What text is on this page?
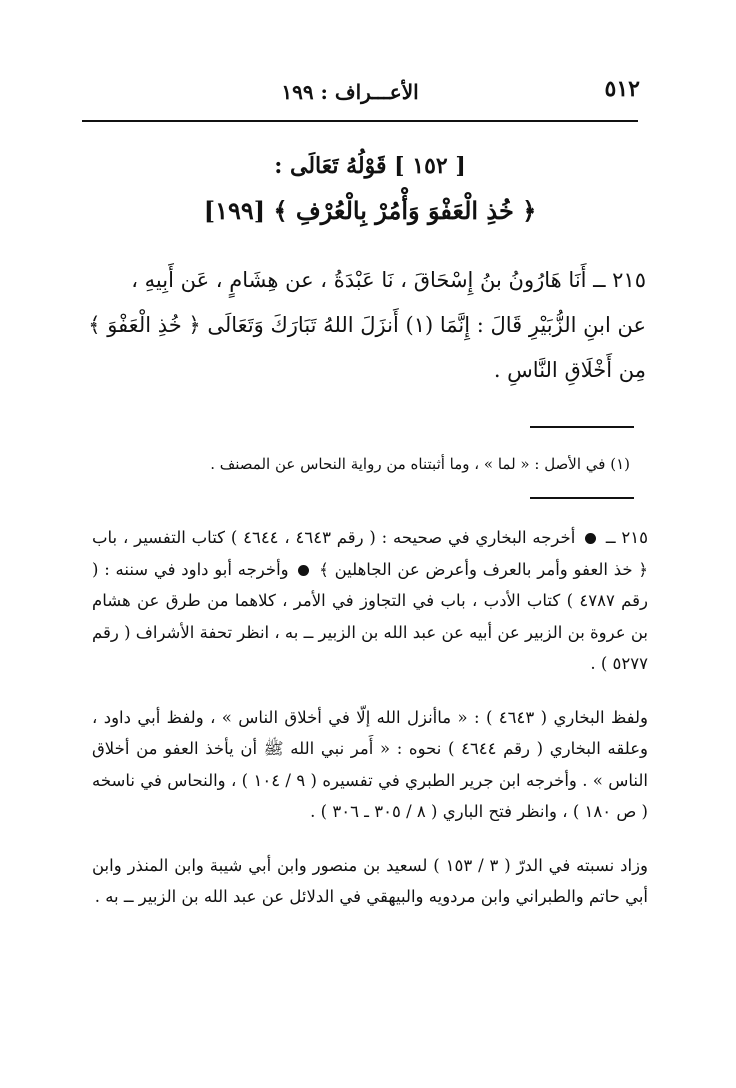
الأعـــراف : ١٩٩	٥١٢
[ ١٥٢ ] قَوْلُهُ تَعَالَى :
﴿ خُذِ الْعَفْوَ وَأْمُرْ بِالْعُرْفِ ﴾ [١٩٩]

٢١٥ ــ أَنَا هَارُونُ بنُ إِسْحَاقَ ، نَا عَبْدَةُ ، عن هِشَامٍ ، عَن أَبِيهِ ،

عن ابنِ الزُّبَيْرِ قَالَ : إِنَّمَا (١) أَنزَلَ اللهُ تَبَارَكَ وَتَعَالَى ﴿ خُذِ الْعَفْوَ ﴾

مِن أَخْلَاقِ النَّاسِ .

(١) في الأصل : « لما » ، وما أثبتناه من رواية النحاس عن المصنف .

٢١٥ ــ  أخرجه البخاري في صحيحه : ( رقم ٤٦٤٣ ، ٤٦٤٤ ) كتاب التفسير ، باب ﴿ خذ العفو وأمر بالعرف وأعرض عن الجاهلين ﴾  وأخرجه أبو داود في سننه : ( رقم ٤٧٨٧ ) كتاب الأدب ، باب في التجاوز في الأمر ، كلاهما من طرق عن هشام بن عروة بن الزبير عن أبيه عن عبد الله بن الزبير ــ به ، انظر تحفة الأشراف ( رقم ٥٢٧٧ ) .

ولفظ البخاري ( ٤٦٤٣ ) : « ماأنزل الله إلّا في أخلاق الناس » ، ولفظ أبي داود ، وعلقه البخاري ( رقم ٤٦٤٤ ) نحوه : « أَمر نبي الله ﷺ أن يأخذ العفو من أخلاق الناس » . وأخرجه ابن جرير الطبري في تفسيره ( ٩ / ١٠٤ ) ، والنحاس في ناسخه ( ص ١٨٠ ) ، وانظر فتح الباري ( ٨ / ٣٠٥ ـ ٣٠٦ ) .

وزاد نسبته في الدرّ ( ٣ / ١٥٣ ) لسعيد بن منصور وابن أبي شيبة وابن المنذر وابن أبي حاتم والطبراني وابن مردويه والبيهقي في الدلائل عن عبد الله بن الزبير ــ به .
